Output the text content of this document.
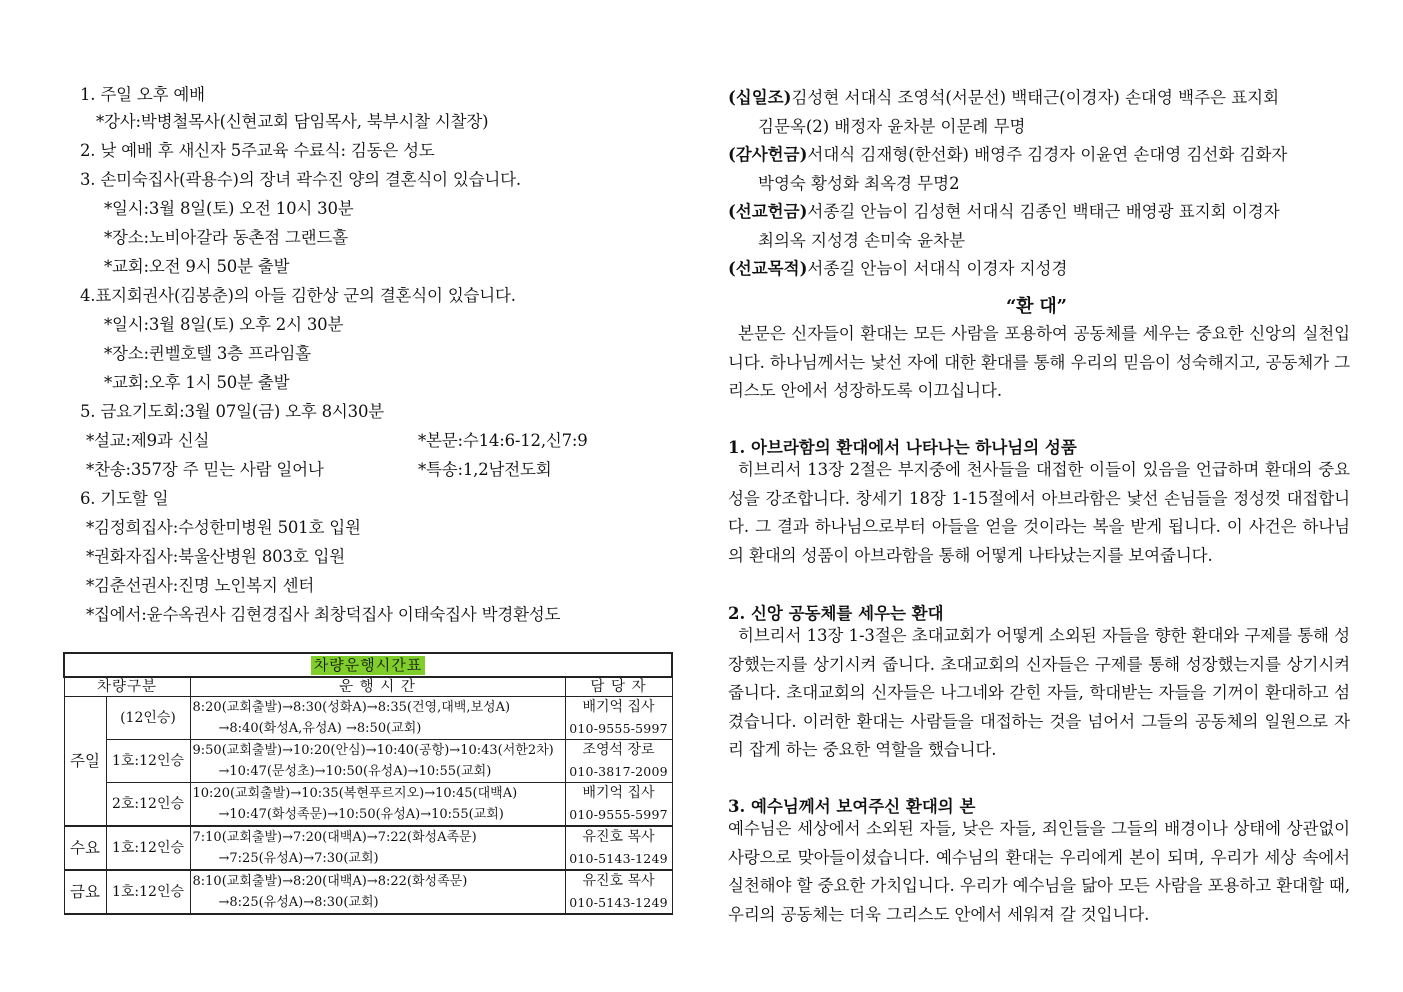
1. 주일 오후 예배
*강사:박병철목사(신현교회 담임목사, 북부시찰 시찰장)
2. 낮 예배 후 새신자 5주교육 수료식: 김동은 성도
3. 손미숙집사(곽용수)의 장녀 곽수진 양의 결혼식이 있습니다.
*일시:3월 8일(토) 오전 10시 30분
*장소:노비아갈라 동촌점 그랜드홀
*교회:오전 9시 50분 출발
4.표지회권사(김봉춘)의 아들 김한상 군의 결혼식이 있습니다.
*일시:3월 8일(토) 오후 2시 30분
*장소:퀸벨호텔 3층 프라임홀
*교회:오후 1시 50분 출발
5. 금요기도회:3월 07일(금) 오후 8시30분
*설교:제9과 신실	*본문:수14:6-12,신7:9
*찬송:357장 주 믿는 사람 일어나	*특송:1,2남전도회
6. 기도할 일
*김정희집사:수성한미병원 501호 입원
*권화자집사:북울산병원 803호 입원
*김춘선권사:진명 노인복지 센터
*집에서:윤수옥권사 김현경집사 최창덕집사 이태숙집사 박경환성도
차량운행시간표			
차량구분		운 행 시 간	담 당 자
주일	(12인승)	8:20(교회출발)→8:30(성화A)→8:35(건영,대백,보성A)	배기억 집사
		→8:40(화성A,유성A) →8:50(교회)	010-9555-5997
	1호:12인승	9:50(교회출발)→10:20(안심)→10:40(공항)→10:43(서한2차)	조영석 장로
		→10:47(문성초)→10:50(유성A)→10:55(교회)	010-3817-2009
	2호:12인승	10:20(교회출발)→10:35(복현푸르지오)→10:45(대백A)	배기억 집사
		→10:47(화성족문)→10:50(유성A)→10:55(교회)	010-9555-5997
수요	1호:12인승	7:10(교회출발)→7:20(대백A)→7:22(화성A족문)	유진호 목사
		→7:25(유성A)→7:30(교회)	010-5143-1249
금요	1호:12인승	8:10(교회출발)→8:20(대백A)→8:22(화성족문)	유진호 목사
		→8:25(유성A)→8:30(교회)	010-5143-1249
(십일조)김성현 서대식 조영석(서문선) 백태근(이경자) 손대영 백주은 표지회
김문옥(2) 배정자 윤차분 이문례 무명
(감사헌금)서대식 김재형(한선화) 배영주 김경자 이윤연 손대영 김선화 김화자
박영숙 황성화 최옥경 무명2
(선교헌금)서종길 안늠이 김성현 서대식 김종인 백태근 배영광 표지회 이경자
최의옥 지성경 손미숙 윤차분
(선교목적)서종길 안늠이 서대식 이경자 지성경
“환 대”
본문은 신자들이 환대는 모든 사람을 포용하여 공동체를 세우는 중요한 신앙의 실천입니다. 하나님께서는 낯선 자에 대한 환대를 통해 우리의 믿음이 성숙해지고, 공동체가 그리스도 안에서 성장하도록 이끄십니다.
1. 아브라함의 환대에서 나타나는 하나님의 성품
히브리서 13장 2절은 부지중에 천사들을 대접한 이들이 있음을 언급하며 환대의 중요성을 강조합니다. 창세기 18장 1-15절에서 아브라함은 낯선 손님들을 정성껏 대접합니다. 그 결과 하나님으로부터 아들을 얻을 것이라는 복을 받게 됩니다. 이 사건은 하나님의 환대의 성품이 아브라함을 통해 어떻게 나타났는지를 보여줍니다.
2. 신앙 공동체를 세우는 환대
히브리서 13장 1-3절은 초대교회가 어떻게 소외된 자들을 향한 환대와 구제를 통해 성장했는지를 상기시켜 줍니다. 초대교회의 신자들은 구제를 통해 성장했는지를 상기시켜 줍니다. 초대교회의 신자들은 나그네와 갇힌 자들, 학대받는 자들을 기꺼이 환대하고 섬겼습니다. 이러한 환대는 사람들을 대접하는 것을 넘어서 그들의 공동체의 일원으로 자리 잡게 하는 중요한 역할을 했습니다.
3. 예수님께서 보여주신 환대의 본
예수님은 세상에서 소외된 자들, 낮은 자들, 죄인들을 그들의 배경이나 상태에 상관없이 사랑으로 맞아들이셨습니다. 예수님의 환대는 우리에게 본이 되며, 우리가 세상 속에서 실천해야 할 중요한 가치입니다. 우리가 예수님을 닮아 모든 사람을 포용하고 환대할 때, 우리의 공동체는 더욱 그리스도 안에서 세워져 갈 것입니다.
